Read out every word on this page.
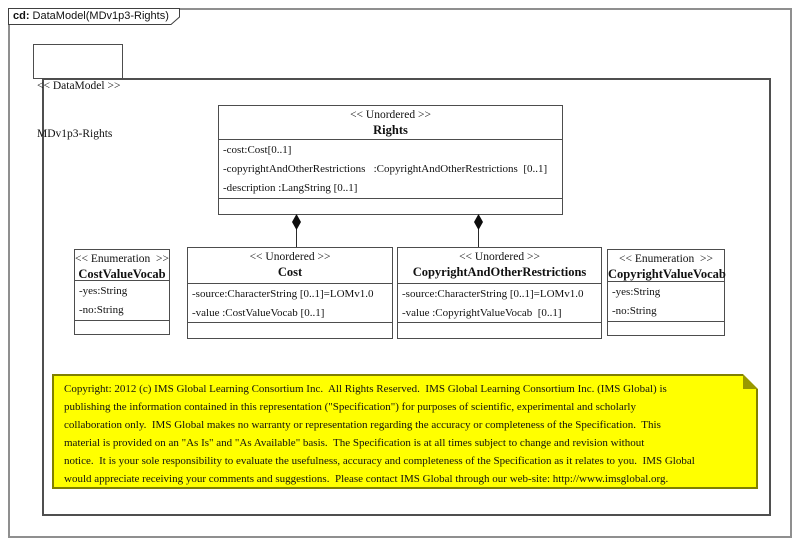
cd: DataModel(MDv1p3-Rights)

<< DataModel >>

MDv1p3-Rights

<< Unordered >>
Rights
-cost:Cost[0..1]
-copyrightAndOtherRestrictions   :CopyrightAndOtherRestrictions  [0..1]
-description :LangString [0..1]
<< Enumeration  >>
CostValueVocab
-yes:String
-no:String
<< Unordered >>
Cost
-source:CharacterString [0..1]=LOMv1.0
-value :CostValueVocab [0..1]
<< Unordered >>
CopyrightAndOtherRestrictions
-source:CharacterString [0..1]=LOMv1.0
-value :CopyrightValueVocab  [0..1]
<< Enumeration  >>
CopyrightValueVocab
-yes:String
-no:String
Copyright: 2012 (c) IMS Global Learning Consortium Inc.  All Rights Reserved.  IMS Global Learning Consortium Inc. (IMS Global) is
publishing the information contained in this representation ("Specification") for purposes of scientific, experimental and scholarly
collaboration only.  IMS Global makes no warranty or representation regarding the accuracy or completeness of the Specification.  This
material is provided on an "As Is" and "As Available" basis.  The Specification is at all times subject to change and revision without
notice.  It is your sole responsibility to evaluate the usefulness, accuracy and completeness of the Specification as it relates to you.  IMS Global
would appreciate receiving your comments and suggestions.  Please contact IMS Global through our web-site: http://www.imsglobal.org.
